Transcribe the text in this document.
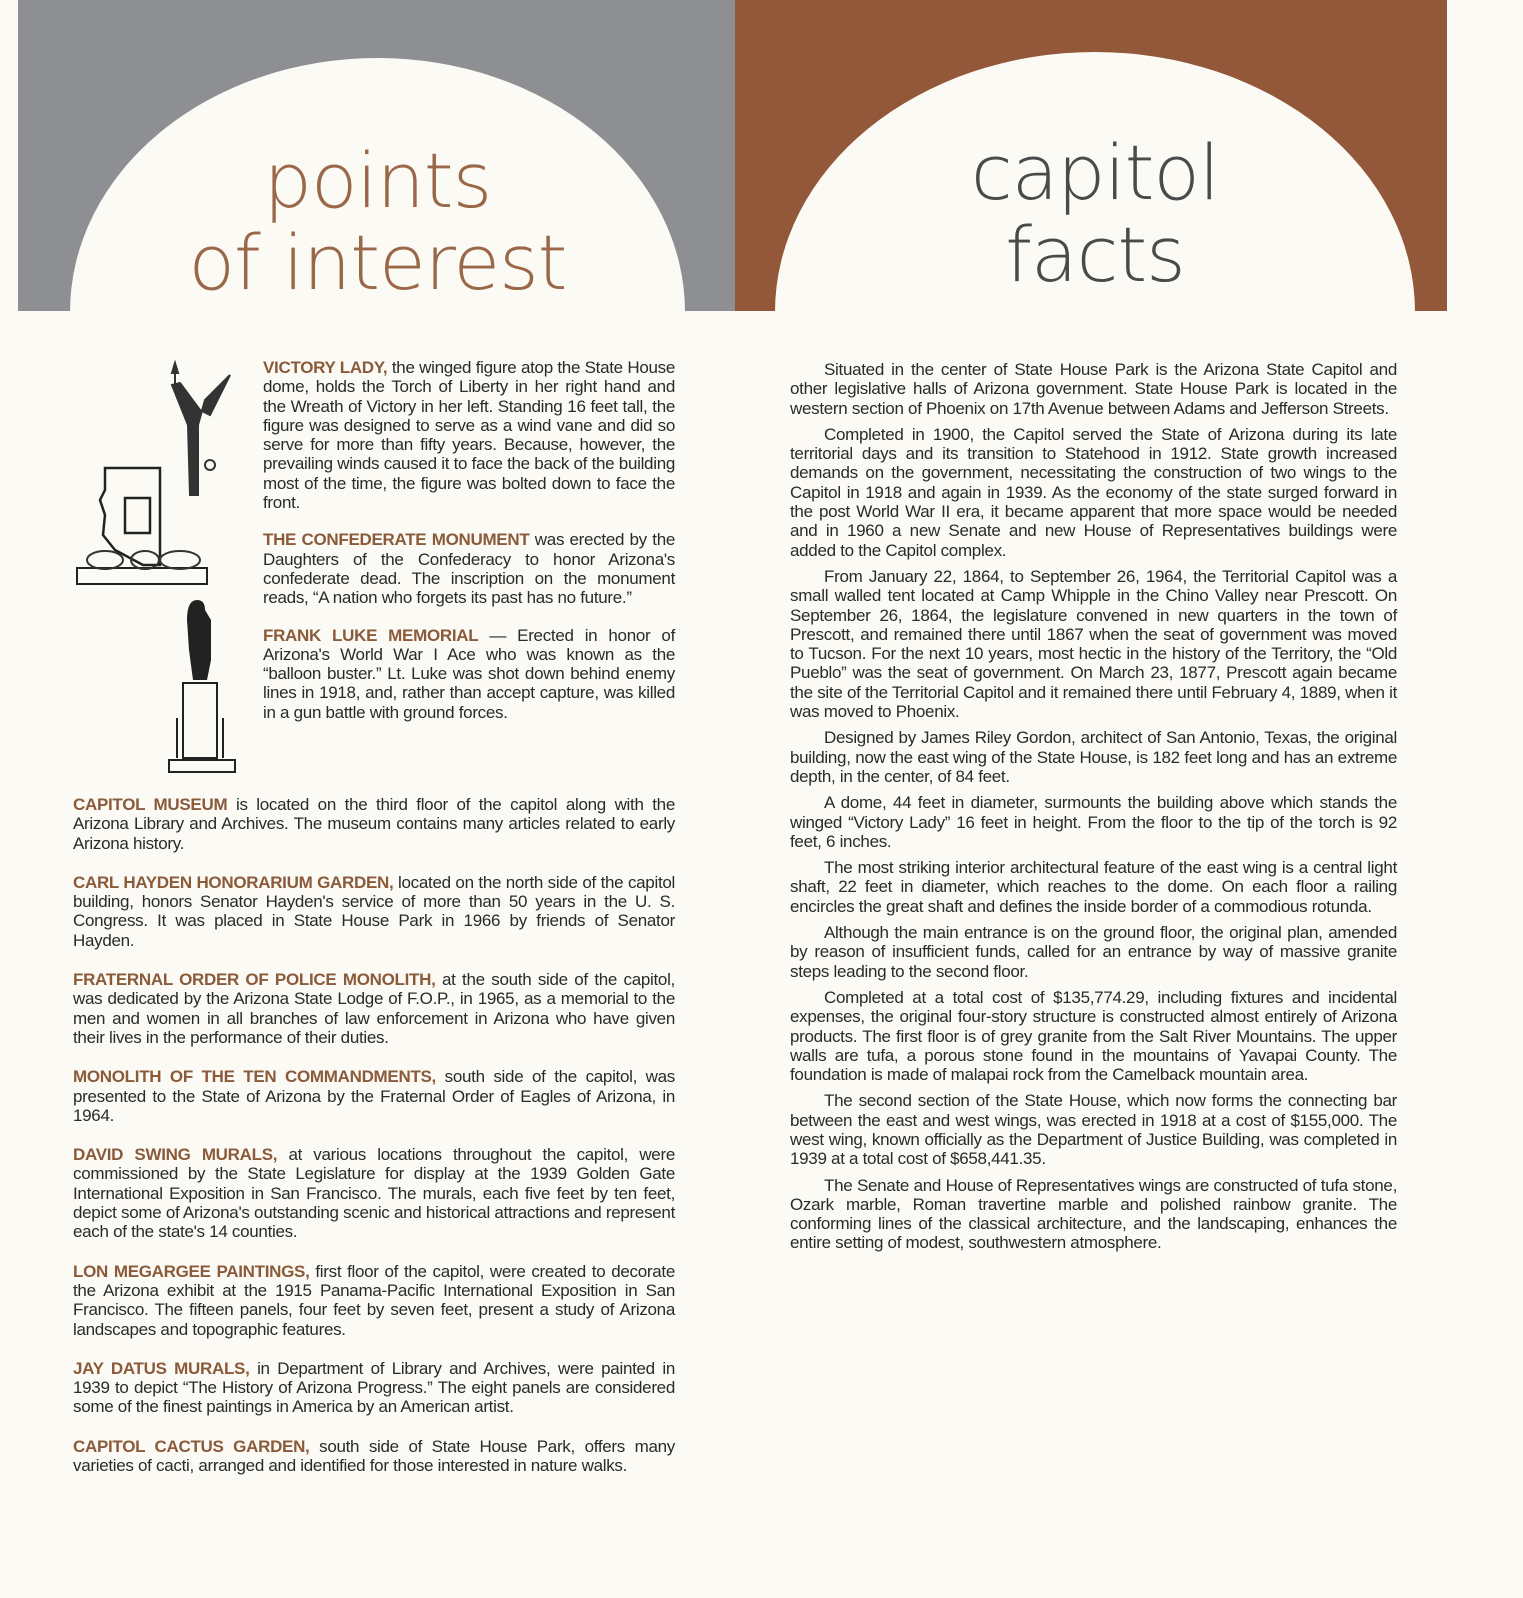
points
of interest
capitol
facts

VICTORY LADY, the winged figure atop the State House dome, holds the Torch of Liberty in her right hand and the Wreath of Victory in her left. Standing 16 feet tall, the figure was designed to serve as a wind vane and did so serve for more than fifty years. Because, however, the prevailing winds caused it to face the back of the building most of the time, the figure was bolted down to face the front.

THE CONFEDERATE MONUMENT was erected by the Daughters of the Confederacy to honor Arizona's confederate dead. The inscription on the monument reads, “A nation who forgets its past has no future.”

FRANK LUKE MEMORIAL — Erected in honor of Arizona's World War I Ace who was known as the “balloon buster.” Lt. Luke was shot down behind enemy lines in 1918, and, rather than accept capture, was killed in a gun battle with ground forces.

CAPITOL MUSEUM is located on the third floor of the capitol along with the Arizona Library and Archives. The museum contains many articles related to early Arizona history.

CARL HAYDEN HONORARIUM GARDEN, located on the north side of the capitol building, honors Senator Hayden's service of more than 50 years in the U. S. Congress. It was placed in State House Park in 1966 by friends of Senator Hayden.

FRATERNAL ORDER OF POLICE MONOLITH, at the south side of the capitol, was dedicated by the Arizona State Lodge of F.O.P., in 1965, as a memorial to the men and women in all branches of law enforcement in Arizona who have given their lives in the performance of their duties.

MONOLITH OF THE TEN COMMANDMENTS, south side of the capitol, was presented to the State of Arizona by the Fraternal Order of Eagles of Arizona, in 1964.

DAVID SWING MURALS, at various locations throughout the capitol, were commissioned by the State Legislature for display at the 1939 Golden Gate International Exposition in San Francisco. The murals, each five feet by ten feet, depict some of Arizona's outstanding scenic and historical attractions and represent each of the state's 14 counties.

LON MEGARGEE PAINTINGS, first floor of the capitol, were created to decorate the Arizona exhibit at the 1915 Panama-Pacific International Exposition in San Francisco. The fifteen panels, four feet by seven feet, present a study of Arizona landscapes and topographic features.

JAY DATUS MURALS, in Department of Library and Archives, were painted in 1939 to depict “The History of Arizona Progress.” The eight panels are considered some of the finest paintings in America by an American artist.

CAPITOL CACTUS GARDEN, south side of State House Park, offers many varieties of cacti, arranged and identified for those interested in nature walks.

Situated in the center of State House Park is the Arizona State Capitol and other legislative halls of Arizona government. State House Park is located in the western section of Phoenix on 17th Avenue between Adams and Jefferson Streets.

Completed in 1900, the Capitol served the State of Arizona during its late territorial days and its transition to Statehood in 1912. State growth increased demands on the government, necessitating the construction of two wings to the Capitol in 1918 and again in 1939. As the economy of the state surged forward in the post World War II era, it became apparent that more space would be needed and in 1960 a new Senate and new House of Representatives buildings were added to the Capitol complex.

From January 22, 1864, to September 26, 1964, the Territorial Capitol was a small walled tent located at Camp Whipple in the Chino Valley near Prescott. On September 26, 1864, the legislature convened in new quarters in the town of Prescott, and remained there until 1867 when the seat of government was moved to Tucson. For the next 10 years, most hectic in the history of the Territory, the “Old Pueblo” was the seat of government. On March 23, 1877, Prescott again became the site of the Territorial Capitol and it remained there until February 4, 1889, when it was moved to Phoenix.

Designed by James Riley Gordon, architect of San Antonio, Texas, the original building, now the east wing of the State House, is 182 feet long and has an extreme depth, in the center, of 84 feet.

A dome, 44 feet in diameter, surmounts the building above which stands the winged “Victory Lady” 16 feet in height. From the floor to the tip of the torch is 92 feet, 6 inches.

The most striking interior architectural feature of the east wing is a central light shaft, 22 feet in diameter, which reaches to the dome. On each floor a railing encircles the great shaft and defines the inside border of a commodious rotunda.

Although the main entrance is on the ground floor, the original plan, amended by reason of insufficient funds, called for an entrance by way of massive granite steps leading to the second floor.

Completed at a total cost of $135,774.29, including fixtures and incidental expenses, the original four-story structure is constructed almost entirely of Arizona products. The first floor is of grey granite from the Salt River Mountains. The upper walls are tufa, a porous stone found in the mountains of Yavapai County. The foundation is made of malapai rock from the Camelback mountain area.

The second section of the State House, which now forms the connecting bar between the east and west wings, was erected in 1918 at a cost of $155,000. The west wing, known officially as the Department of Justice Building, was completed in 1939 at a total cost of $658,441.35.

The Senate and House of Representatives wings are constructed of tufa stone, Ozark marble, Roman travertine marble and polished rainbow granite. The conforming lines of the classical architecture, and the landscaping, enhances the entire setting of modest, southwestern atmosphere.
